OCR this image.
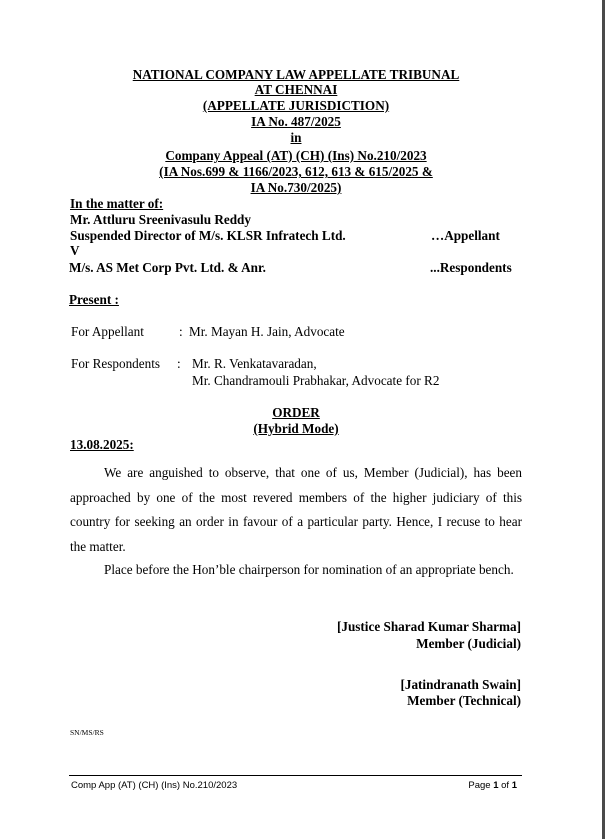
NATIONAL COMPANY LAW APPELLATE TRIBUNAL
AT CHENNAI
(APPELLATE JURISDICTION)
IA No. 487/2025
in
Company Appeal (AT) (CH) (Ins) No.210/2023
(IA Nos.699 & 1166/2023, 612, 613 & 615/2025 &
IA No.730/2025)
In the matter of:
Mr. Attluru Sreenivasulu Reddy
Suspended Director of M/s. KLSR Infratech Ltd.	…Appellant
V
M/s. AS Met Corp Pvt. Ltd. & Anr.	...Respondents
Present :
For Appellant	: Mr. Mayan H. Jain, Advocate
For Respondents : Mr. R. Venkatavaradan,
Mr. Chandramouli Prabhakar, Advocate for R2
ORDER
(Hybrid Mode)
13.08.2025:

We are anguished to observe, that one of us, Member (Judicial), has been approached by one of the most revered members of the higher judiciary of this country for seeking an order in favour of a particular party. Hence, I recuse to hear the matter.

Place before the Hon’ble chairperson for nomination of an appropriate bench.

[Justice Sharad Kumar Sharma]
Member (Judicial)
[Jatindranath Swain]
Member (Technical)
SN/MS/RS
Comp App (AT) (CH) (Ins) No.210/2023	Page 1 of 1
